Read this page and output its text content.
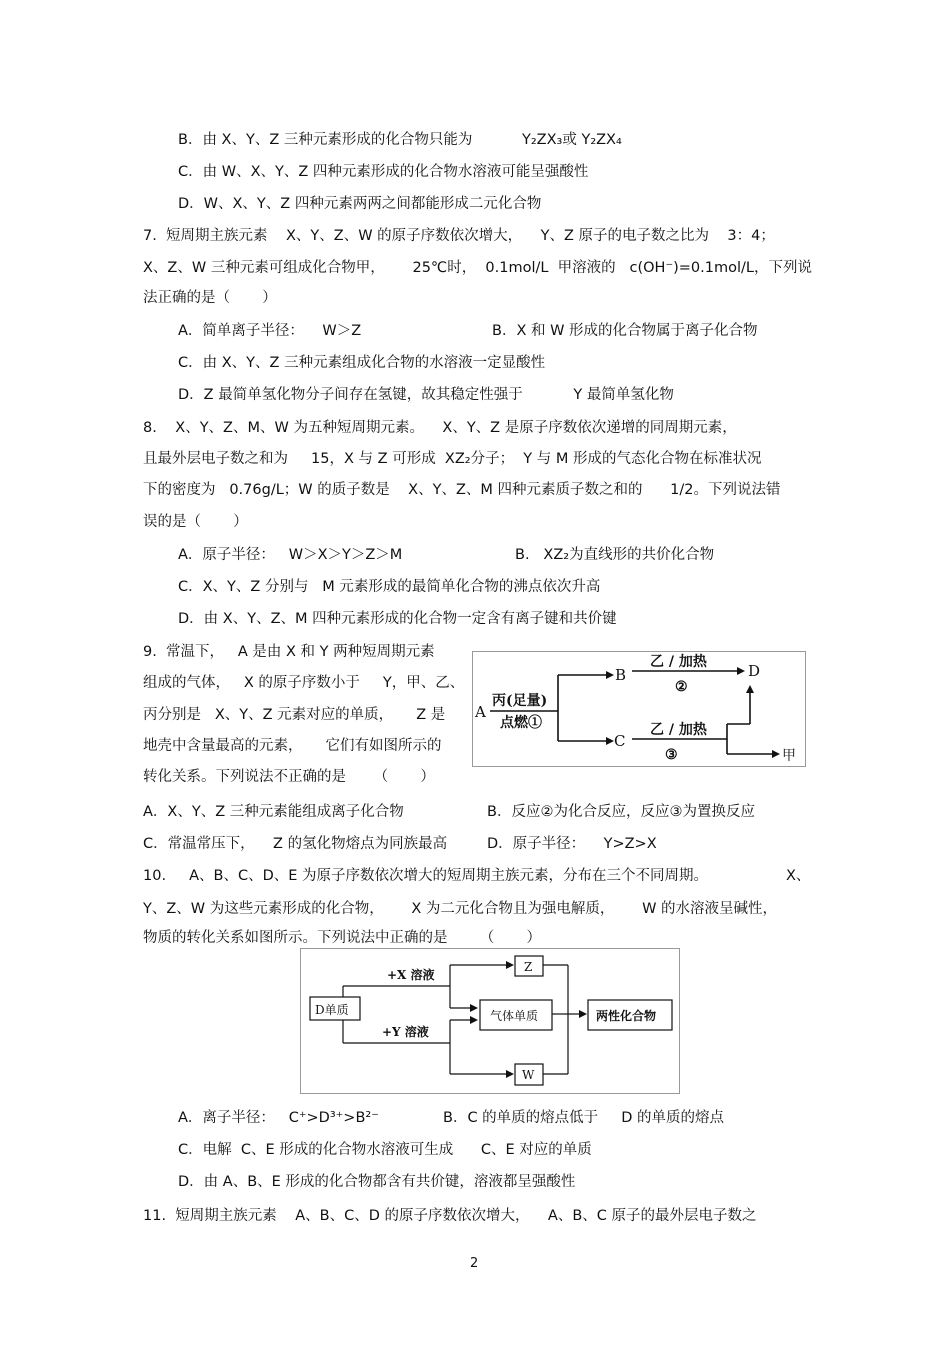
B．由 X、Y、Z 三种元素形成的化合物只能为	Y₂ZX₃或 Y₂ZX₄
C．由 W、X、Y、Z 四种元素形成的化合物水溶液可能呈强酸性
D．W、X、Y、Z 四种元素两两之间都能形成二元化合物
7.  短周期主族元素    X、Y、Z、W 的原子序数依次增大，    Y、Z 原子的电子数之比为    3：4；
X、Z、W 三种元素可组成化合物甲，      25℃时，  0.1mol/L  甲溶液的   c(OH⁻)=0.1mol/L，下列说
法正确的是（       ）
A．简单离子半径：    W＞Z	B．X 和 W 形成的化合物属于离子化合物
C．由 X、Y、Z 三种元素组成化合物的水溶液一定显酸性
D．Z 最简单氢化物分子间存在氢键，故其稳定性强于           Y 最简单氢化物
8.    X、Y、Z、M、W 为五种短周期元素。    X、Y、Z 是原子序数依次递增的同周期元素，
且最外层电子数之和为     15，X 与 Z 可形成  XZ₂分子；  Y 与 M 形成的气态化合物在标准状况
下的密度为   0.76g/L；W 的质子数是    X、Y、Z、M 四种元素质子数之和的      1/2。下列说法错
误的是（       ）
A．原子半径：   W＞X＞Y＞Z＞M	B.   XZ₂为直线形的共价化合物
C．X、Y、Z 分别与   M 元素形成的最简单化合物的沸点依次升高
D．由 X、Y、Z、M 四种元素形成的化合物一定含有离子键和共价键
9.  常温下，   A 是由 X 和 Y 两种短周期元素
组成的气体，   X 的原子序数小于     Y，甲、乙、
丙分别是   X、Y、Z 元素对应的单质，     Z 是
地壳中含量最高的元素，     它们有如图所示的
转化关系。下列说法不正确的是      （       ）
A
丙(足量)
点燃①
B
C
乙 / 加热
②
D
乙 / 加热
③	甲
A．X、Y、Z 三种元素能组成离子化合物	B．反应②为化合反应，反应③为置换反应
C．常温常压下，    Z 的氢化物熔点为同族最高	D．原子半径：    Y>Z>X
10.     A、B、C、D、E 为原子序数依次增大的短周期主族元素，分布在三个不同周期。	X、
Y、Z、W 为这些元素形成的化合物，      X 为二元化合物且为强电解质，      W 的水溶液呈碱性，
物质的转化关系如图所示。下列说法中正确的是       （       ）
D单质
+X 溶液
+Y 溶液
Z
气体单质
W
两性化合物
A．离子半径：   C⁺>D³⁺>B²⁻	B．C 的单质的熔点低于     D 的单质的熔点
C．电解  C、E 形成的化合物水溶液可生成      C、E 对应的单质
D．由 A、B、E 形成的化合物都含有共价键，溶液都呈强酸性
11.  短周期主族元素    A、B、C、D 的原子序数依次增大，    A、B、C 原子的最外层电子数之
2
